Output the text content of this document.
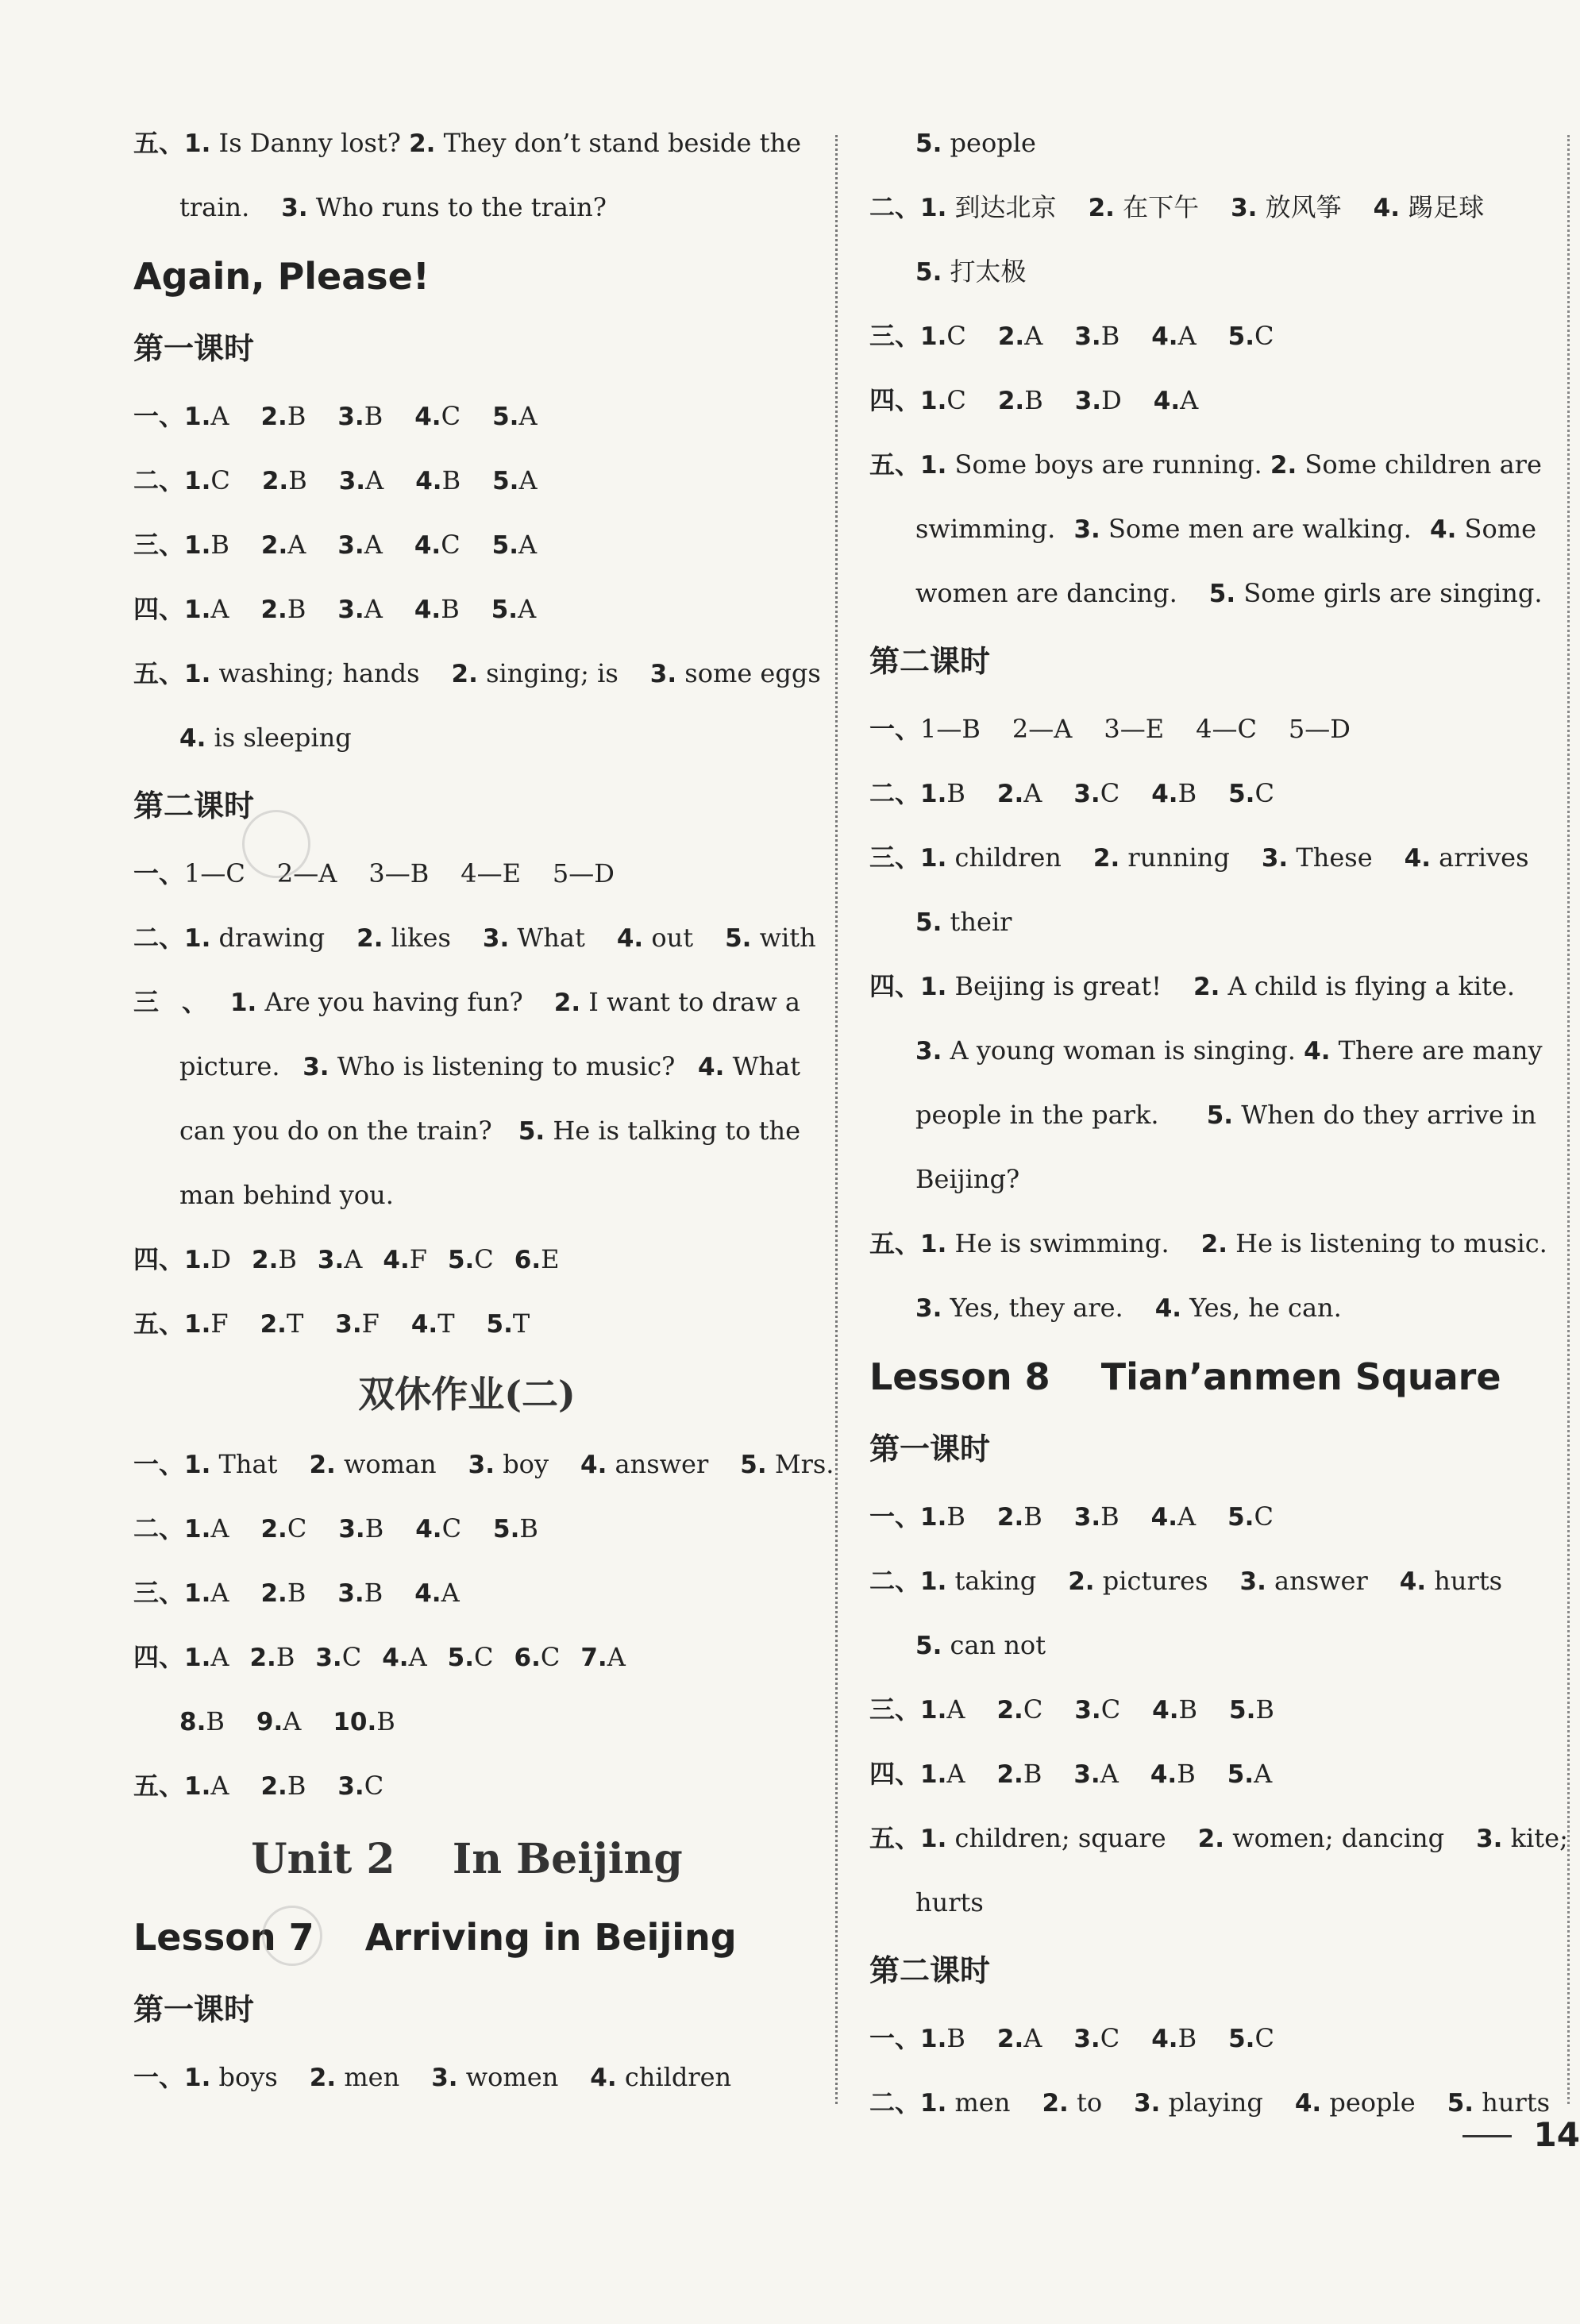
五、1. Is Danny lost? 2. They don’t stand beside the
train. 3. Who runs to the train?
Again, Please!
第一课时
一、1.A 2.B 3.B 4.C 5.A
二、1.C 2.B 3.A 4.B 5.A
三、1.B 2.A 3.A 4.C 5.A
四、1.A 2.B 3.A 4.B 5.A
五、1. washing; hands 2. singing; is 3. some eggs
4. is sleeping
第二课时
一、1—C 2—A 3—B 4—E 5—D
二、1. drawing 2. likes 3. What 4. out 5. with
三、1. Are you having fun? 2. I want to draw a
picture. 3. Who is listening to music? 4. What
can you do on the train? 5. He is talking to the
man behind you.
四、1.D 2.B 3.A 4.F 5.C 6.E
五、1.F 2.T 3.F 4.T 5.T
双休作业(二)
一、1. That 2. woman 3. boy 4. answer 5. Mrs.
二、1.A 2.C 3.B 4.C 5.B
三、1.A 2.B 3.B 4.A
四、1.A 2.B 3.C 4.A 5.C 6.C 7.A
8.B 9.A 10.B
五、1.A 2.B 3.C
Unit 2    In Beijing
Lesson 7    Arriving in Beijing
第一课时
一、1. boys 2. men 3. women 4. children
5. people
二、1. 到达北京 2. 在下午 3. 放风筝 4. 踢足球
5. 打太极
三、1.C 2.A 3.B 4.A 5.C
四、1.C 2.B 3.D 4.A
五、1. Some boys are running. 2. Some children are
swimming. 3. Some men are walking. 4. Some
women are dancing. 5. Some girls are singing.
第二课时
一、1—B 2—A 3—E 4—C 5—D
二、1.B 2.A 3.C 4.B 5.C
三、1. children 2. running 3. These 4. arrives
5. their
四、1. Beijing is great! 2. A child is flying a kite.
3. A young woman is singing. 4. There are many
people in the park. 5. When do they arrive in
Beijing?
五、1. He is swimming. 2. He is listening to music.
3. Yes, they are. 4. Yes, he can.
Lesson 8    Tian’anmen Square
第一课时
一、1.B 2.B 3.B 4.A 5.C
二、1. taking 2. pictures 3. answer 4. hurts
5. can not
三、1.A 2.C 3.C 4.B 5.B
四、1.A 2.B 3.A 4.B 5.A
五、1. children; square 2. women; dancing 3. kite;
hurts
第二课时
一、1.B 2.A 3.C 4.B 5.C
二、1. men 2. to 3. playing 4. people 5. hurts
14
